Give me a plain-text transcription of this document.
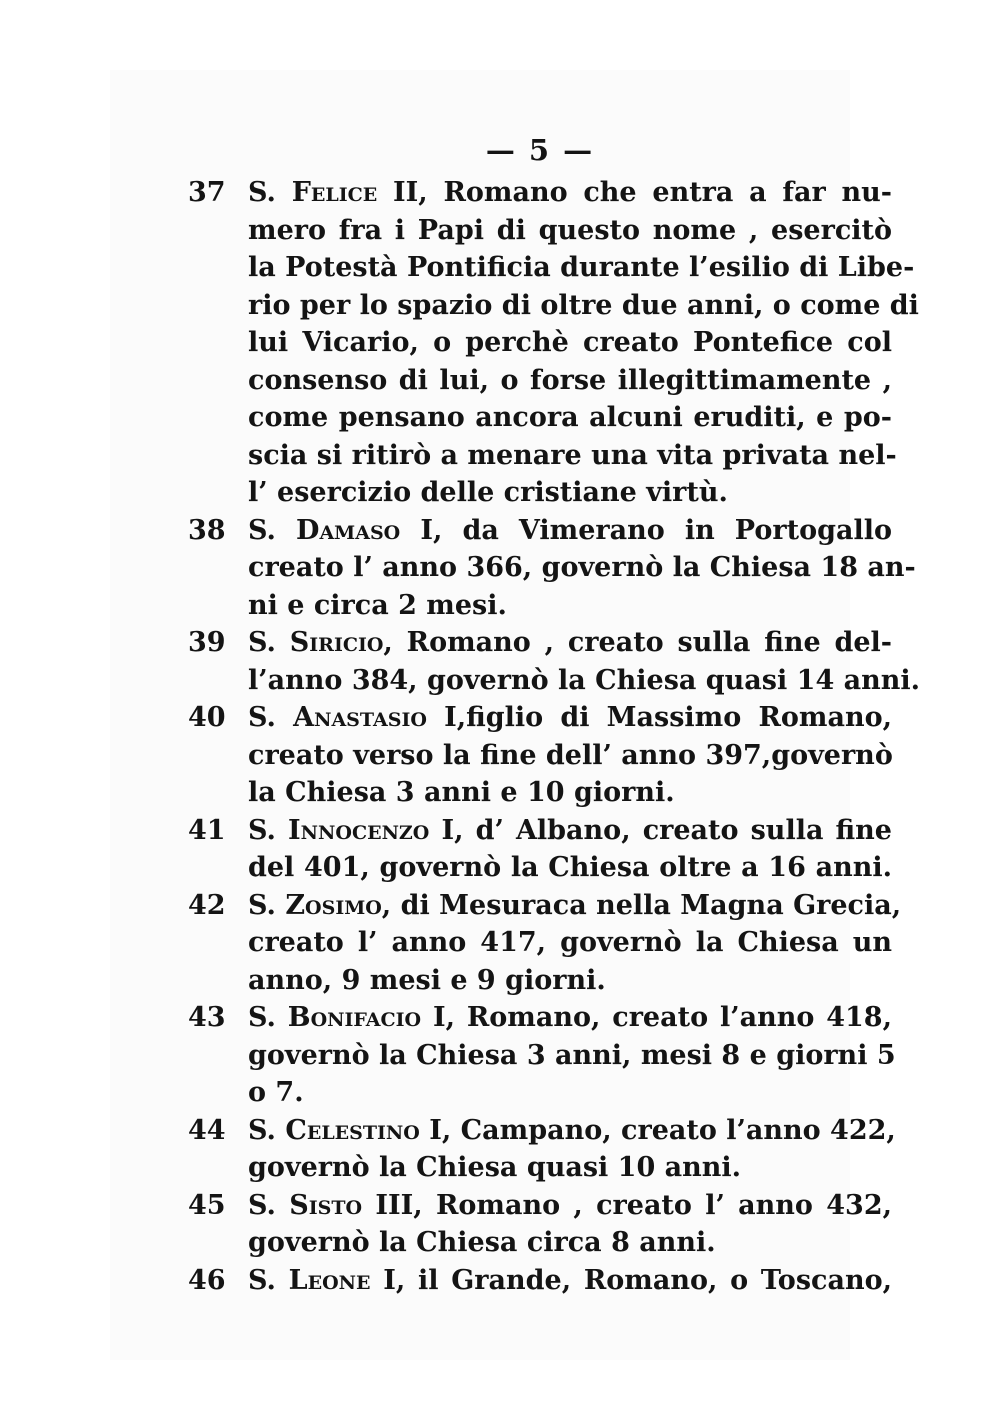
— 5 —
37 S. Felice II, Romano che entra a far nu-
mero fra i Papi di questo nome , esercitò
la Potestà Pontificia durante l’esilio di Libe-
rio per lo spazio di oltre due anni, o come di
lui Vicario, o perchè creato Pontefice col
consenso di lui, o forse illegittimamente ,
come pensano ancora alcuni eruditi, e po-
scia si ritirò a menare una vita privata nel-
l’ esercizio delle cristiane virtù.
38 S. Damaso I, da Vimerano in Portogallo
creato l’ anno 366, governò la Chiesa 18 an-
ni e circa 2 mesi.
39 S. Siricio, Romano , creato sulla fine del-
l’anno 384, governò la Chiesa quasi 14 anni.
40 S. Anastasio I,figlio di Massimo Romano,
creato verso la fine dell’ anno 397,governò
la Chiesa 3 anni e 10 giorni.
41 S. Innocenzo I, d’ Albano, creato sulla fine
del 401, governò la Chiesa oltre a 16 anni.
42 S. Zosimo, di Mesuraca nella Magna Grecia,
creato l’ anno 417, governò la Chiesa un
anno, 9 mesi e 9 giorni.
43 S. Bonifacio I, Romano, creato l’anno 418,
governò la Chiesa 3 anni, mesi 8 e giorni 5
o 7.
44 S. Celestino I, Campano, creato l’anno 422,
governò la Chiesa quasi 10 anni.
45 S. Sisto III, Romano , creato l’ anno 432,
governò la Chiesa circa 8 anni.
46 S. Leone I, il Grande, Romano, o Toscano,
